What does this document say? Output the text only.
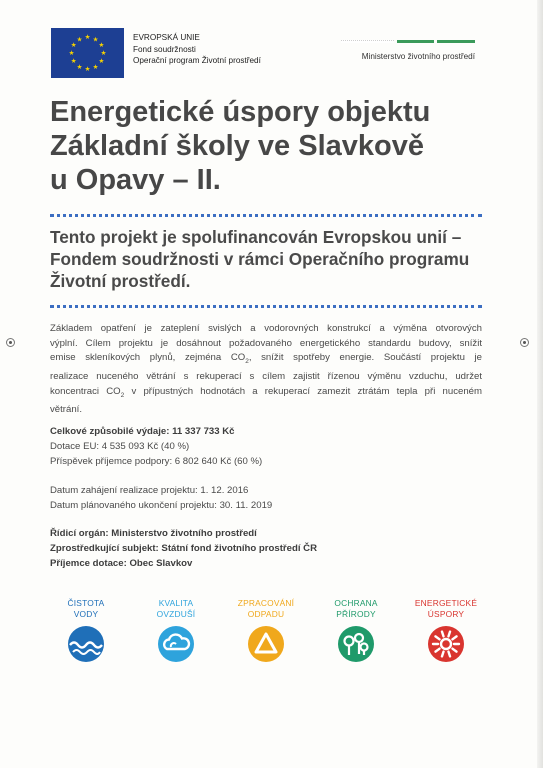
★ ★
★
★
★
★
★
★
★
★
★
★	EVROPSKÁ UNIE
Fond soudržnosti
Operační program Životní prostředí	Ministerstvo životního prostředí
Energetické úspory objektu
Základní školy ve Slavkově
u Opavy – II.
Tento projekt je spolufinancován Evropskou unií –
Fondem soudržnosti v rámci Operačního programu
Životní prostředí.
Základem opatření je zateplení svislých a vodorovných konstrukcí a výměna otvorových
výplní. Cílem projektu je dosáhnout požadovaného energetického standardu budovy, snížit
emise skleníkových plynů, zejména $CO_2$, snížit spotřeby energie. Součástí projektu je
realizace nuceného větrání s rekuperací s cílem zajistit řízenou výměnu vzduchu, udržet
koncentraci $CO_2$ v přípustných hodnotách a rekuperací zamezit ztrátám tepla při nuceném
větrání.
Celkové způsobilé výdaje: 11 337 733 Kč
Dotace EU: 4 535 093 Kč (40 %)
Příspěvek příjemce podpory: 6 802 640 Kč (60 %)
Datum zahájení realizace projektu: 1. 12. 2016
Datum plánovaného ukončení projektu: 30. 11. 2019
Řídicí orgán: Ministerstvo životního prostředí
Zprostředkující subjekt: Státní fond životního prostředí ČR
Příjemce dotace: Obec Slavkov
ČISTOTA
VODY
KVALITA
OVZDUŠÍ
ZPRACOVÁNÍ
ODPADU
OCHRANA
PŘÍRODY
ENERGETICKÉ
ÚSPORY
